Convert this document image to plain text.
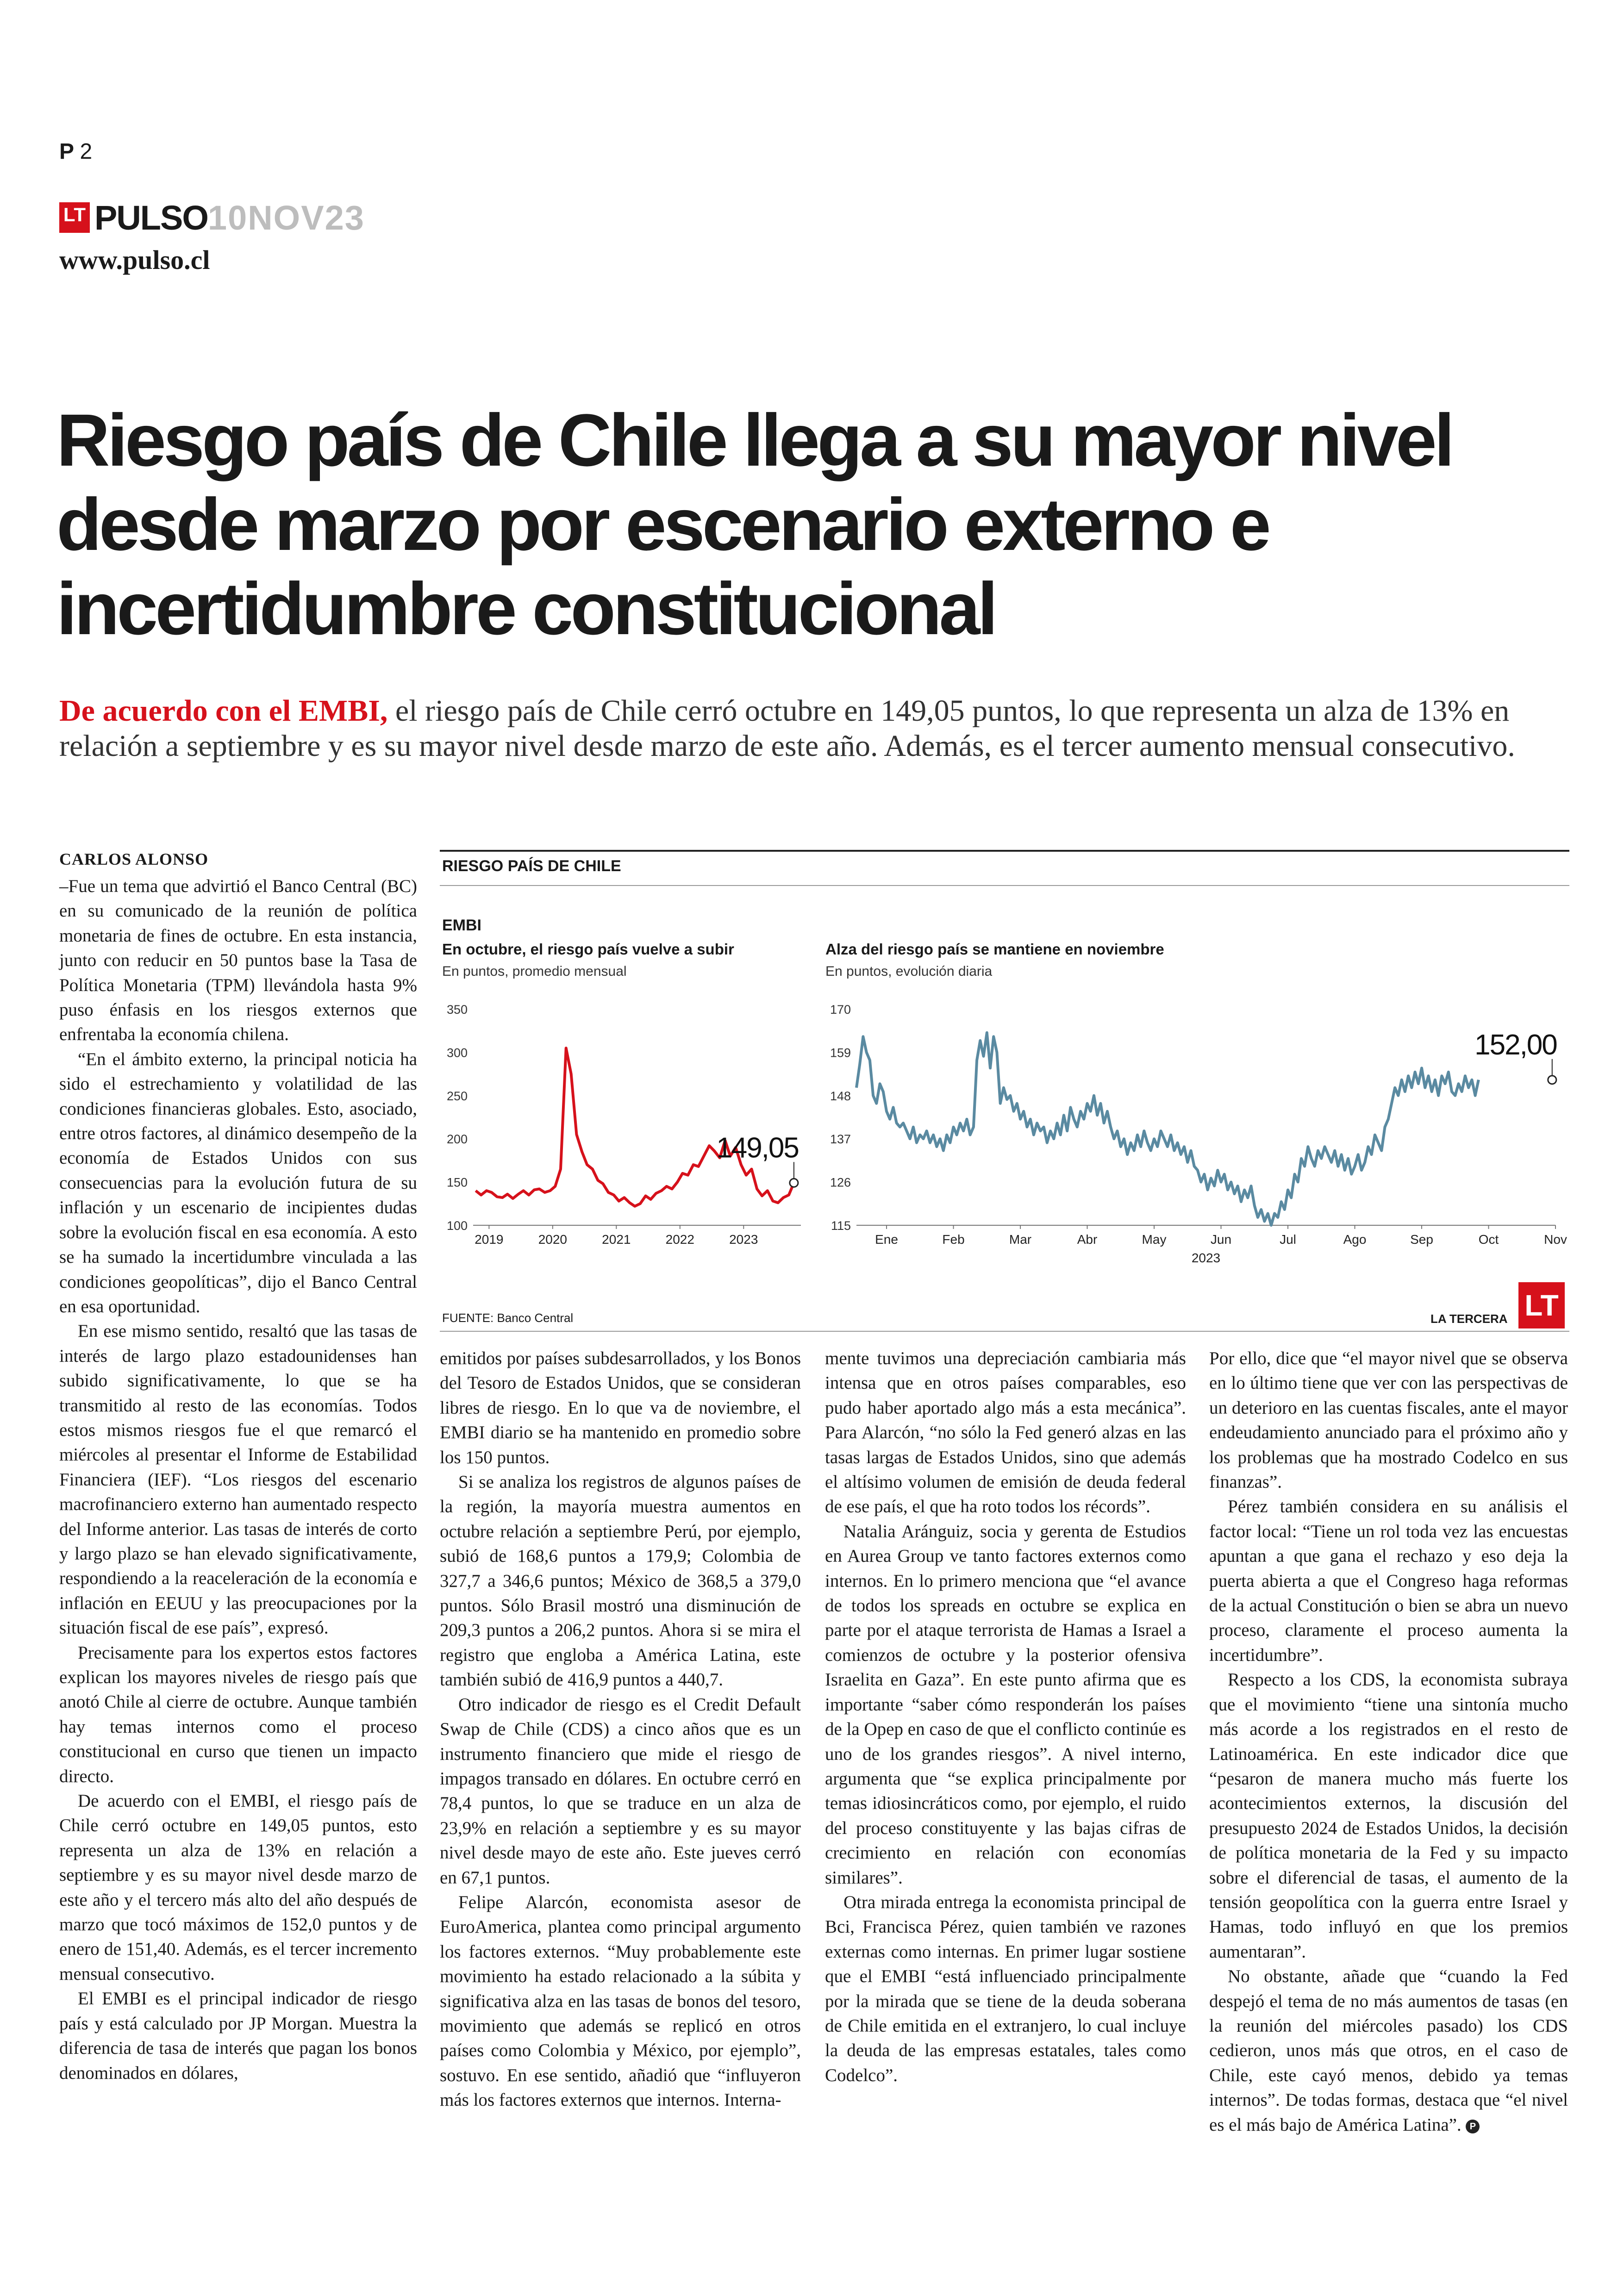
P 2
LT PULSO 10NOV23
www.pulso.cl
Riesgo país de Chile llega a su mayor nivel desde marzo por escenario externo e incertidumbre constitucional
De acuerdo con el EMBI, el riesgo país de Chile cerró octubre en 149,05 puntos, lo que representa un alza de 13% en relación a septiembre y es su mayor nivel desde marzo de este año. Además, es el tercer aumento mensual consecutivo.
CARLOS ALONSO

–Fue un tema que advirtió el Banco Central (BC) en su comunicado de la reunión de política monetaria de fines de octubre. En esta instancia, junto con reducir en 50 puntos base la Tasa de Política Monetaria (TPM) llevándola hasta 9% puso énfasis en los riesgos externos que enfrentaba la economía chilena.

“En el ámbito externo, la principal noticia ha sido el estrechamiento y volatilidad de las condiciones financieras globales. Esto, asociado, entre otros factores, al dinámico desempeño de la economía de Estados Unidos con sus consecuencias para la evolución futura de su inflación y un escenario de incipientes dudas sobre la evolución fiscal en esa economía. A esto se ha sumado la incertidumbre vinculada a las condiciones geopolíticas”, dijo el Banco Central en esa oportunidad.

En ese mismo sentido, resaltó que las tasas de interés de largo plazo estadounidenses han subido significativamente, lo que se ha transmitido al resto de las economías. Todos estos mismos riesgos fue el que remarcó el miércoles al presentar el Informe de Estabilidad Financiera (IEF). “Los riesgos del escenario macrofinanciero externo han aumentado respecto del Informe anterior. Las tasas de interés de corto y largo plazo se han elevado significativamente, respondiendo a la reaceleración de la economía e inflación en EEUU y las preocupaciones por la situación fiscal de ese país”, expresó.

Precisamente para los expertos estos factores explican los mayores niveles de riesgo país que anotó Chile al cierre de octubre. Aunque también hay temas internos como el proceso constitucional en curso que tienen un impacto directo.

De acuerdo con el EMBI, el riesgo país de Chile cerró octubre en 149,05 puntos, esto representa un alza de 13% en relación a septiembre y es su mayor nivel desde marzo de este año y el tercero más alto del año después de marzo que tocó máximos de 152,0 puntos y de enero de 151,40. Además, es el tercer incremento mensual consecutivo.

El EMBI es el principal indicador de riesgo país y está calculado por JP Morgan. Muestra la diferencia de tasa de interés que pagan los bonos denominados en dólares,

RIESGO PAÍS DE CHILE
EMBI
En octubre, el riesgo país vuelve a subir
En puntos, promedio mensual
Alza del riesgo país se mantiene en noviembre
En puntos, evolución diaria
100
150
200
250
300
350
2019	2020	2021	2022	2023
149,05
115
126
137
148
159
170
Ene	Feb	Mar	Abr	May	Jun	Jul	Ago	Sep	Oct	Nov
2023
152,00
FUENTE: Banco Central	LA TERCERA LT

emitidos por países subdesarrollados, y los Bonos del Tesoro de Estados Unidos, que se consideran libres de riesgo. En lo que va de noviembre, el EMBI diario se ha mantenido en promedio sobre los 150 puntos.

Si se analiza los registros de algunos países de la región, la mayoría muestra aumentos en octubre relación a septiembre Perú, por ejemplo, subió de 168,6 puntos a 179,9; Colombia de 327,7 a 346,6 puntos; México de 368,5 a 379,0 puntos. Sólo Brasil mostró una disminución de 209,3 puntos a 206,2 puntos. Ahora si se mira el registro que engloba a América Latina, este también subió de 416,9 puntos a 440,7.

Otro indicador de riesgo es el Credit Default Swap de Chile (CDS) a cinco años que es un instrumento financiero que mide el riesgo de impagos transado en dólares. En octubre cerró en 78,4 puntos, lo que se traduce en un alza de 23,9% en relación a septiembre y es su mayor nivel desde mayo de este año. Este jueves cerró en 67,1 puntos.

Felipe Alarcón, economista asesor de EuroAmerica, plantea como principal argumento los factores externos. “Muy probablemente este movimiento ha estado relacionado a la súbita y significativa alza en las tasas de bonos del tesoro, movimiento que además se replicó en otros países como Colombia y México, por ejemplo”, sostuvo. En ese sentido, añadió que “influyeron más los factores externos que internos. Interna-

mente tuvimos una depreciación cambiaria más intensa que en otros países comparables, eso pudo haber aportado algo más a esta mecánica”. Para Alarcón, “no sólo la Fed generó alzas en las tasas largas de Estados Unidos, sino que además el altísimo volumen de emisión de deuda federal de ese país, el que ha roto todos los récords”.

Natalia Aránguiz, socia y gerenta de Estudios en Aurea Group ve tanto factores externos como internos. En lo primero menciona que “el avance de todos los spreads en octubre se explica en parte por el ataque terrorista de Hamas a Israel a comienzos de octubre y la posterior ofensiva Israelita en Gaza”. En este punto afirma que es importante “saber cómo responderán los países de la Opep en caso de que el conflicto continúe es uno de los grandes riesgos”. A nivel interno, argumenta que “se explica principalmente por temas idiosincráticos como, por ejemplo, el ruido del proceso constituyente y las bajas cifras de crecimiento en relación con economías similares”.

Otra mirada entrega la economista principal de Bci, Francisca Pérez, quien también ve razones externas como internas. En primer lugar sostiene que el EMBI “está influenciado principalmente por la mirada que se tiene de la deuda soberana de Chile emitida en el extranjero, lo cual incluye la deuda de las empresas estatales, tales como Codelco”.

Por ello, dice que “el mayor nivel que se observa en lo último tiene que ver con las perspectivas de un deterioro en las cuentas fiscales, ante el mayor endeudamiento anunciado para el próximo año y los problemas que ha mostrado Codelco en sus finanzas”.

Pérez también considera en su análisis el factor local: “Tiene un rol toda vez las encuestas apuntan a que gana el rechazo y eso deja la puerta abierta a que el Congreso haga reformas de la actual Constitución o bien se abra un nuevo proceso, claramente el proceso aumenta la incertidumbre”.

Respecto a los CDS, la economista subraya que el movimiento “tiene una sintonía mucho más acorde a los registrados en el resto de Latinoamérica. En este indicador dice que “pesaron de manera mucho más fuerte los acontecimientos externos, la discusión del presupuesto 2024 de Estados Unidos, la decisión de política monetaria de la Fed y su impacto sobre el diferencial de tasas, el aumento de la tensión geopolítica con la guerra entre Israel y Hamas, todo influyó en que los premios aumentaran”.

No obstante, añade que “cuando la Fed despejó el tema de no más aumentos de tasas (en la reunión del miércoles pasado) los CDS cedieron, unos más que otros, en el caso de Chile, este cayó menos, debido ya temas internos”. De todas formas, destaca que “el nivel es el más bajo de América Latina”. P
